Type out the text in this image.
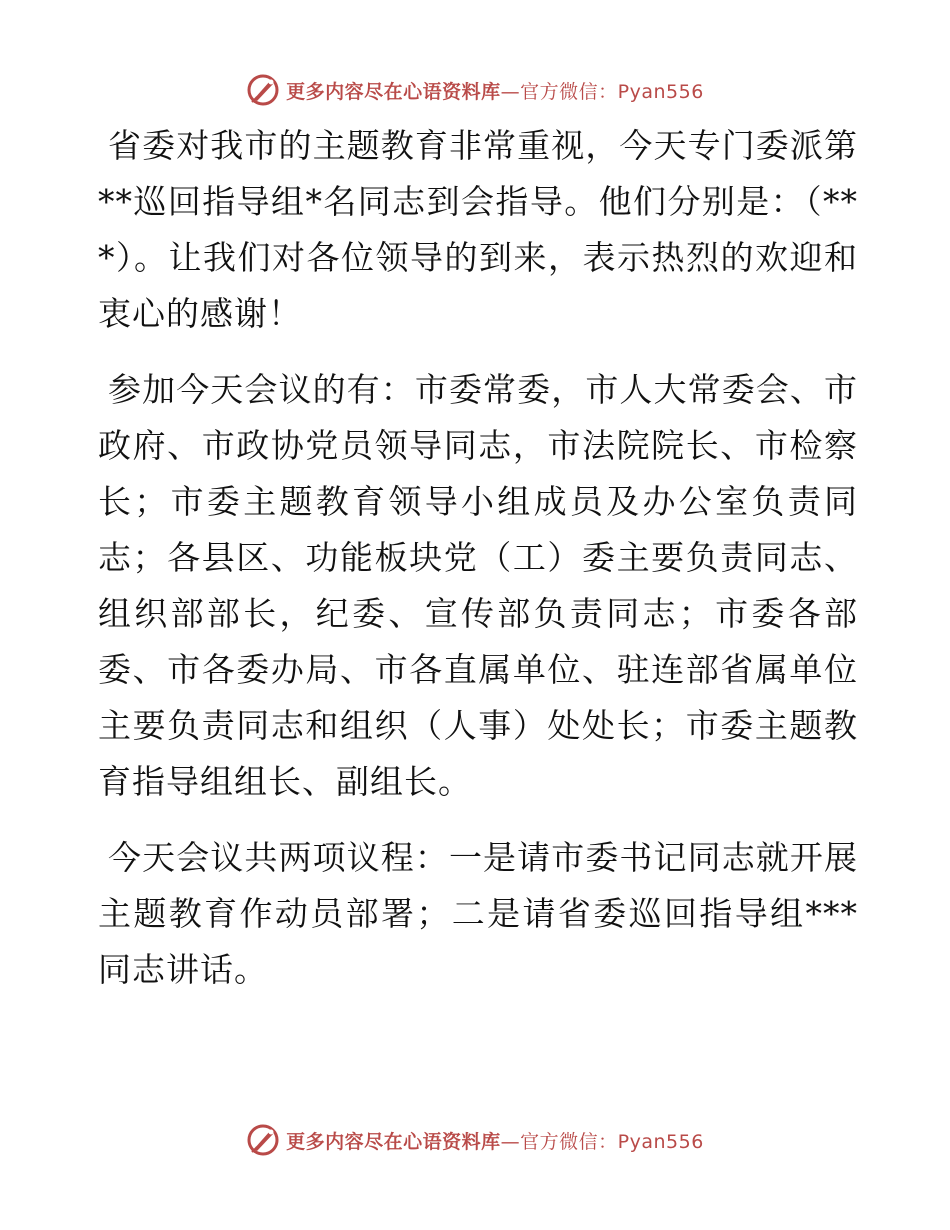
更多内容尽在心语资料库—官方微信：Pyan556

省委对我市的主题教育非常重视，今天专门委派第**巡回指导组*名同志到会指导。他们分别是：（***）。让我们对各位领导的到来，表示热烈的欢迎和衷心的感谢！

参加今天会议的有：市委常委，市人大常委会、市政府、市政协党员领导同志，市法院院长、市检察长；市委主题教育领导小组成员及办公室负责同志；各县区、功能板块党（工）委主要负责同志、组织部部长，纪委、宣传部负责同志；市委各部委、市各委办局、市各直属单位、驻连部省属单位主要负责同志和组织（人事）处处长；市委主题教育指导组组长、副组长。

今天会议共两项议程：一是请市委书记同志就开展主题教育作动员部署；二是请省委巡回指导组***同志讲话。

更多内容尽在心语资料库—官方微信：Pyan556
